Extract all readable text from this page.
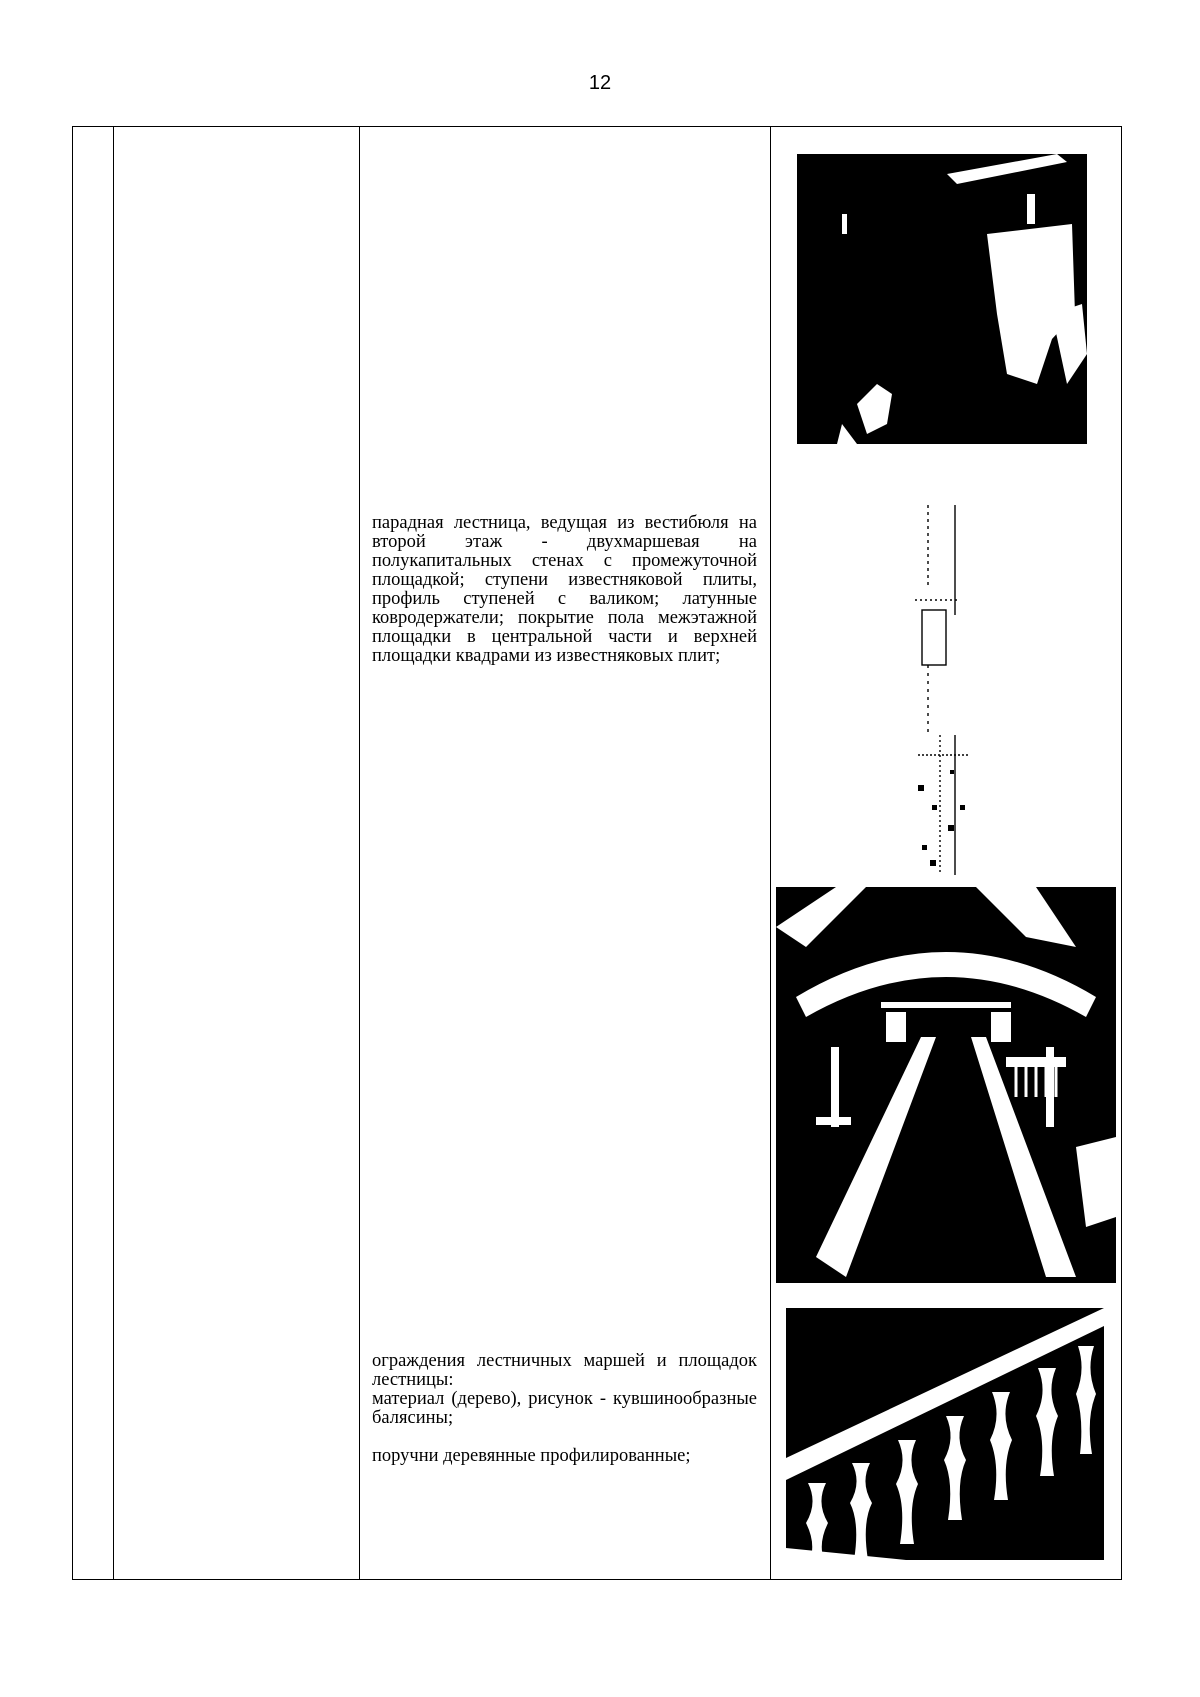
12

парадная лестница, ведущая из вестибюля на второй этаж - двухмаршевая на полукапитальных стенах с промежуточной площадкой; ступени известняковой плиты, профиль ступеней с валиком; латунные ковродержатели; покрытие пола межэтажной площадки в центральной части и верхней площадки квадрами из известняковых плит;

ограждения лестничных маршей и площадок лестницы:

материал (дерево), рисунок - кувшинообразные балясины;

поручни деревянные профилированные;
